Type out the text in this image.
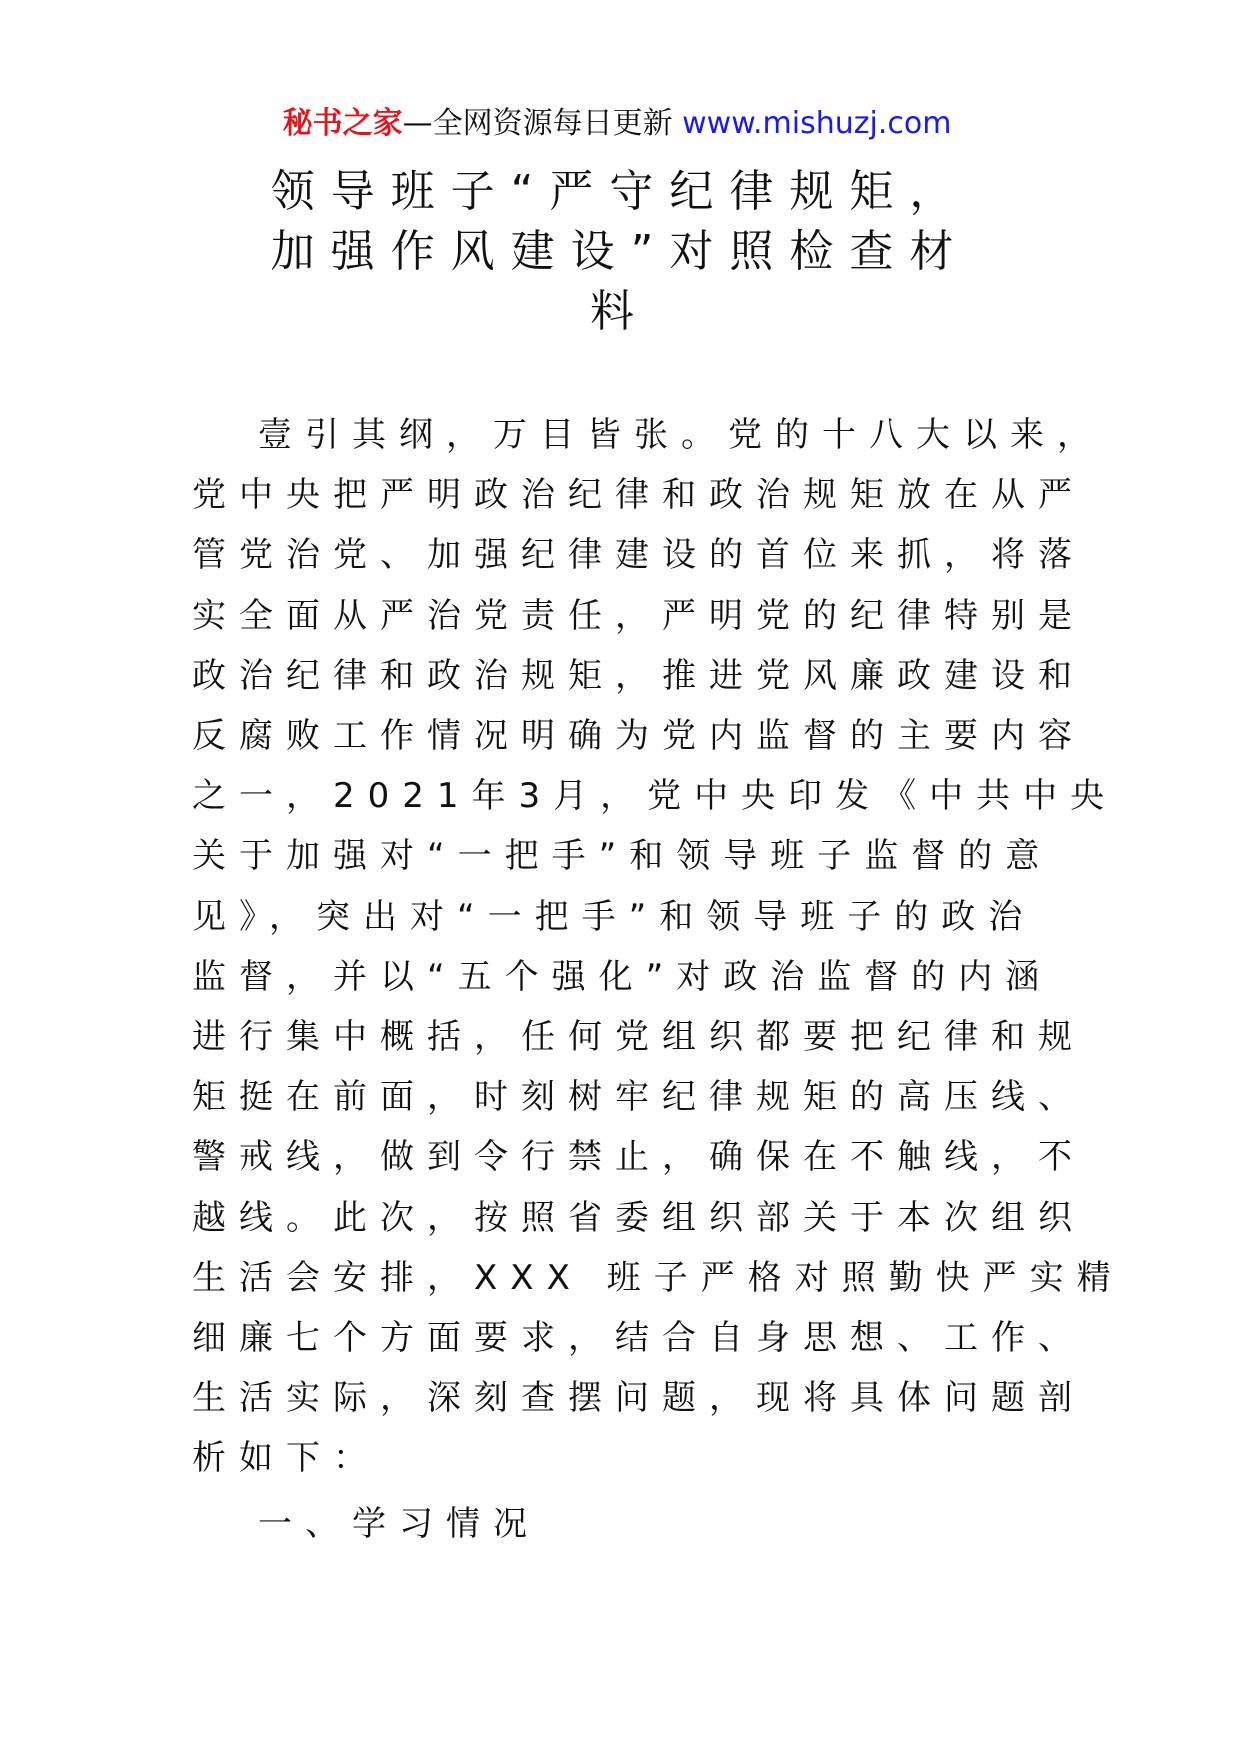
秘书之家—全网资源每日更新 www.mishuzj.com
领导班子“严守纪律规矩，
加强作风建设”对照检查材
料

壹引其纲，万目皆张。党的十八大以来，
党中央把严明政治纪律和政治规矩放在从严
管党治党、加强纪律建设的首位来抓，将落
实全面从严治党责任，严明党的纪律特别是
政治纪律和政治规矩，推进党风廉政建设和
反腐败工作情况明确为党内监督的主要内容
之一，2021年3月，党中央印发《中共中央
关于加强对“一把手”和领导班子监督的意
见》，突出对“一把手”和领导班子的政治
监督，并以“五个强化”对政治监督的内涵
进行集中概括，任何党组织都要把纪律和规
矩挺在前面，时刻树牢纪律规矩的高压线、
警戒线，做到令行禁止，确保在不触线，不
越线。此次，按照省委组织部关于本次组织
生活会安排，XXX 班子严格对照勤快严实精
细廉七个方面要求，结合自身思想、工作、
生活实际，深刻查摆问题，现将具体问题剖
析如下：

一、学习情况
